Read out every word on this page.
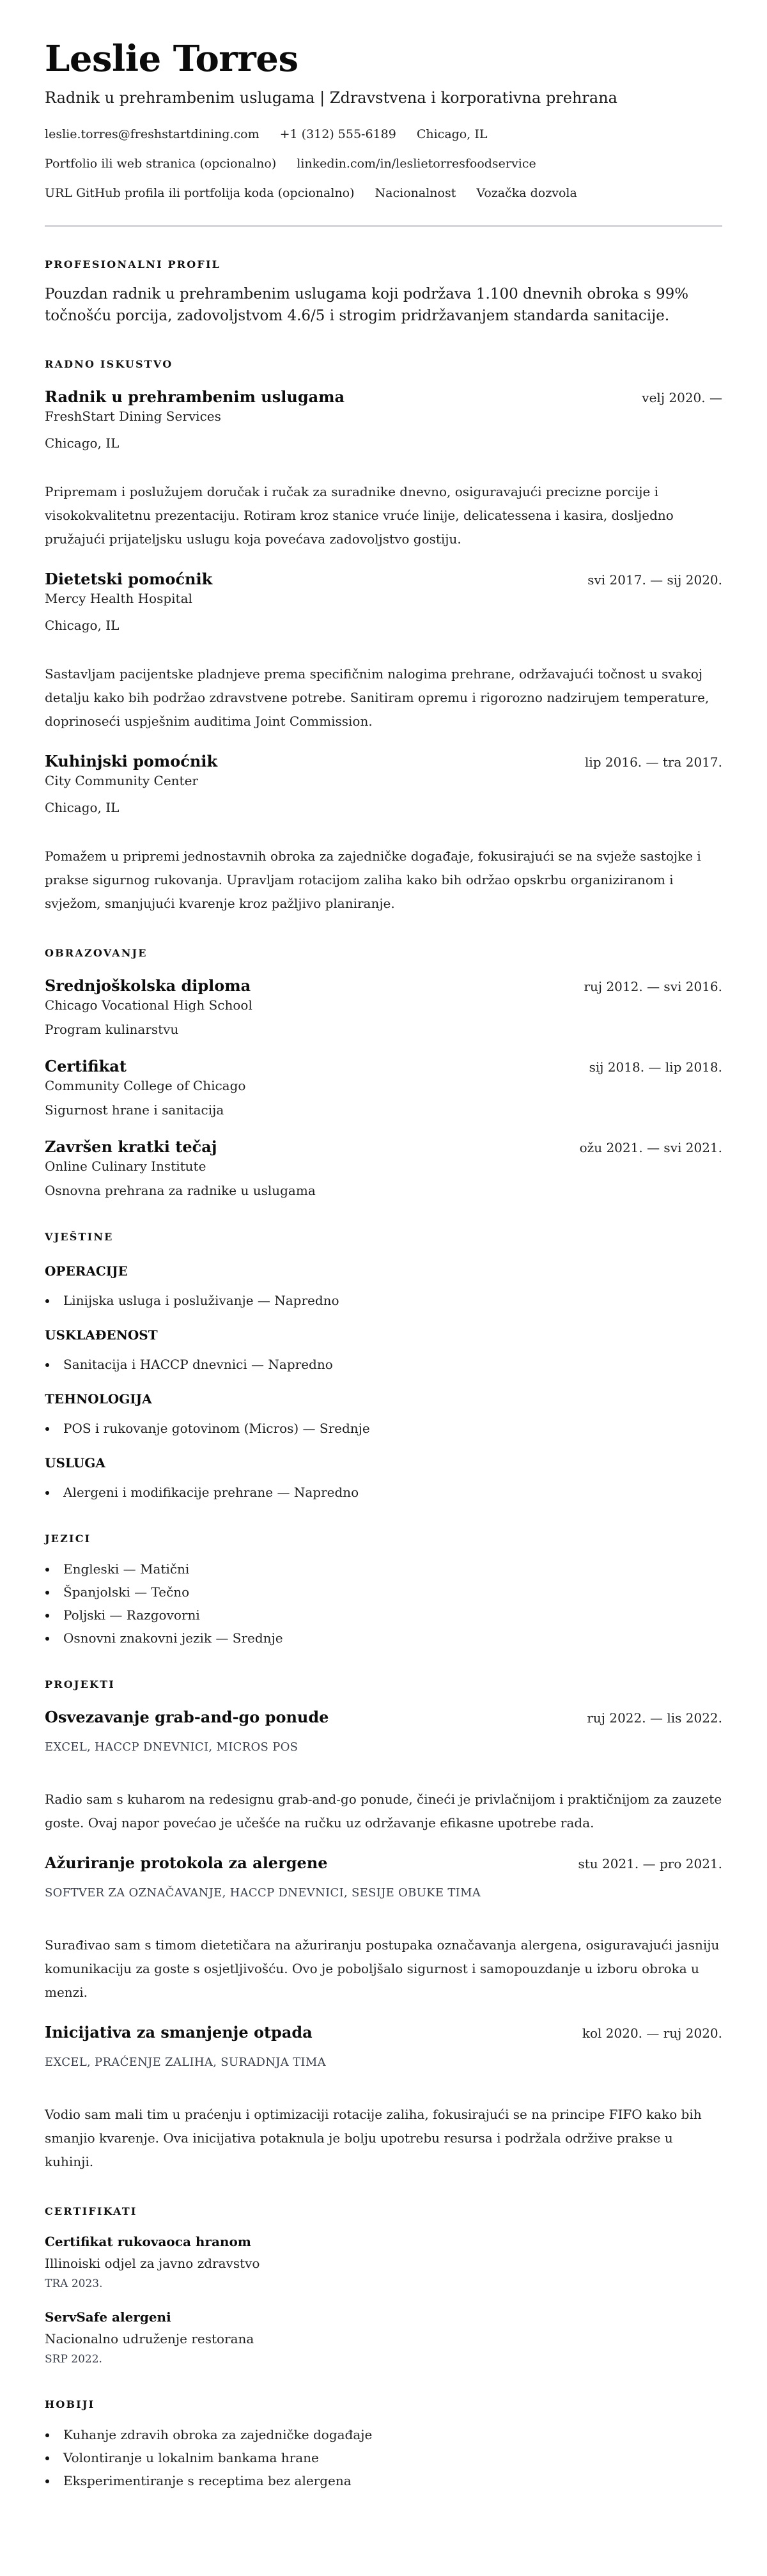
Leslie Torres
Radnik u prehrambenim uslugama | Zdravstvena i korporativna prehrana
leslie.torres@freshstartdining.com +1 (312) 555-6189 Chicago, IL
Portfolio ili web stranica (opcionalno) linkedin.com/in/leslietorresfoodservice
URL GitHub profila ili portfolija koda (opcionalno) Nacionalnost Vozačka dozvola
PROFESIONALNI PROFIL

Pouzdan radnik u prehrambenim uslugama koji podržava 1.100 dnevnih obroka s 99% točnošću porcija, zadovoljstvom 4.6/5 i strogim pridržavanjem standarda sanitacije.

RADNO ISKUSTVO
Radnik u prehrambenim uslugama	velj 2020. —
FreshStart Dining Services
Chicago, IL

Pripremam i poslužujem doručak i ručak za suradnike dnevno, osiguravajući precizne porcije i visokokvalitetnu prezentaciju. Rotiram kroz stanice vruće linije, delicatessena i kasira, dosljedno pružajući prijateljsku uslugu koja povećava zadovoljstvo gostiju.

Dietetski pomoćnik	svi 2017. — sij 2020.
Mercy Health Hospital
Chicago, IL

Sastavljam pacijentske pladnjeve prema specifičnim nalogima prehrane, održavajući točnost u svakoj detalju kako bih podržao zdravstvene potrebe. Sanitiram opremu i rigorozno nadzirujem temperature, doprinoseći uspješnim auditima Joint Commission.

Kuhinjski pomoćnik	lip 2016. — tra 2017.
City Community Center
Chicago, IL

Pomažem u pripremi jednostavnih obroka za zajedničke događaje, fokusirajući se na svježe sastojke i prakse sigurnog rukovanja. Upravljam rotacijom zaliha kako bih održao opskrbu organiziranom i svježom, smanjujući kvarenje kroz pažljivo planiranje.

OBRAZOVANJE
Srednjoškolska diploma	ruj 2012. — svi 2016.
Chicago Vocational High School
Program kulinarstvu
Certifikat	sij 2018. — lip 2018.
Community College of Chicago
Sigurnost hrane i sanitacija
Završen kratki tečaj	ožu 2021. — svi 2021.
Online Culinary Institute
Osnovna prehrana za radnike u uslugama
VJEŠTINE
OPERACIJE
Linijska usluga i posluživanje — Napredno
USKLAĐENOST
Sanitacija i HACCP dnevnici — Napredno
TEHNOLOGIJA
POS i rukovanje gotovinom (Micros) — Srednje
USLUGA
Alergeni i modifikacije prehrane — Napredno
JEZICI
Engleski — Matični
Španjolski — Tečno
Poljski — Razgovorni
Osnovni znakovni jezik — Srednje
PROJEKTI
Osvezavanje grab-and-go ponude	ruj 2022. — lis 2022.
EXCEL, HACCP DNEVNICI, MICROS POS

Radio sam s kuharom na redesignu grab-and-go ponude, čineći je privlačnijom i praktičnijom za zauzete goste. Ovaj napor povećao je učešće na ručku uz održavanje efikasne upotrebe rada.

Ažuriranje protokola za alergene	stu 2021. — pro 2021.
SOFTVER ZA OZNAČAVANJE, HACCP DNEVNICI, SESIJE OBUKE TIMA

Surađivao sam s timom dietetičara na ažuriranju postupaka označavanja alergena, osiguravajući jasniju komunikaciju za goste s osjetljivošću. Ovo je poboljšalo sigurnost i samopouzdanje u izboru obroka u menzi.

Inicijativa za smanjenje otpada	kol 2020. — ruj 2020.
EXCEL, PRAĆENJE ZALIHA, SURADNJA TIMA

Vodio sam mali tim u praćenju i optimizaciji rotacije zaliha, fokusirajući se na principe FIFO kako bih smanjio kvarenje. Ova inicijativa potaknula je bolju upotrebu resursa i podržala održive prakse u kuhinji.

CERTIFIKATI
Certifikat rukovaoca hranom
Illinoiski odjel za javno zdravstvo
TRA 2023.
ServSafe alergeni
Nacionalno udruženje restorana
SRP 2022.
HOBIJI
Kuhanje zdravih obroka za zajedničke događaje
Volontiranje u lokalnim bankama hrane
Eksperimentiranje s receptima bez alergena
